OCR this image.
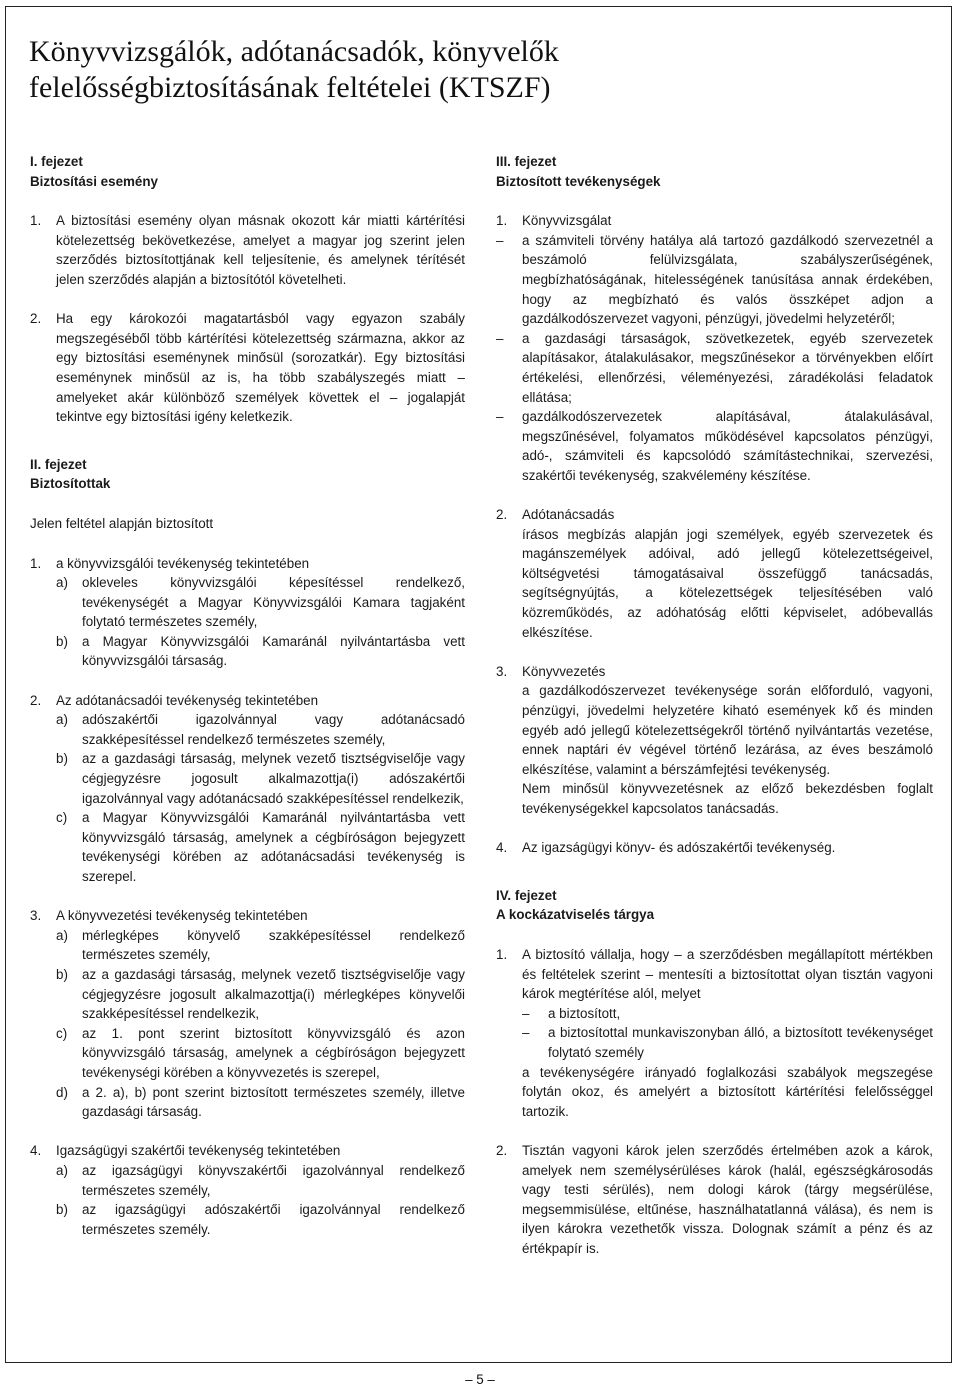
Könyvvizsgálók, adótanácsadók, könyvelők
felelősségbiztosításának feltételei (KTSZF)
I. fejezet
Biztosítási esemény
1.	A biztosítási esemény olyan másnak okozott kár miatti kártérítési kötelezettség bekövetkezése, amelyet a magyar jog szerint jelen szerződés biztosítottjának kell teljesítenie, és amelynek térítését jelen szerződés alapján a biztosítótól követelheti.
2.	Ha egy károkozói magatartásból vagy egyazon szabály megszegéséből több kártérítési kötelezettség származna, akkor az egy biztosítási eseménynek minősül (sorozatkár). Egy biztosítási eseménynek minősül az is, ha több szabályszegés miatt – amelyeket akár különböző személyek követtek el – jogalapját tekintve egy biztosítási igény keletkezik.
II. fejezet
Biztosítottak
Jelen feltétel alapján biztosított
1.	a könyvvizsgálói tevékenység tekintetében
a)	okleveles könyvvizsgálói képesítéssel rendelkező, tevékenységét a Magyar Könyvvizsgálói Kamara tagjaként folytató természetes személy,
b)	a Magyar Könyvvizsgálói Kamaránál nyilvántartásba vett könyvvizsgálói társaság.
2.	Az adótanácsadói tevékenység tekintetében
a)	adószakértői igazolvánnyal vagy adótanácsadó szakképesítéssel rendelkező természetes személy,
b)	az a gazdasági társaság, melynek vezető tisztségviselője vagy cégjegyzésre jogosult alkalmazottja(i) adószakértői igazolvánnyal vagy adótanácsadó szakképesítéssel rendelkezik,
c)	a Magyar Könyvvizsgálói Kamaránál nyilvántartásba vett könyvvizsgáló társaság, amelynek a cégbíróságon bejegyzett tevékenységi körében az adótanácsadási tevékenység is szerepel.
3.	A könyvvezetési tevékenység tekintetében
a)	mérlegképes könyvelő szakképesítéssel rendelkező természetes személy,
b)	az a gazdasági társaság, melynek vezető tisztségviselője vagy cégjegyzésre jogosult alkalmazottja(i) mérlegképes könyvelői szakképesítéssel rendelkezik,
c)	az 1. pont szerint biztosított könyvvizsgáló és azon könyvvizsgáló társaság, amelynek a cégbíróságon bejegyzett tevékenységi körében a könyvvezetés is szerepel,
d)	a 2. a), b) pont szerint biztosított természetes személy, illetve gazdasági társaság.
4.	Igazságügyi szakértői tevékenység tekintetében
a)	az igazságügyi könyvszakértői igazolvánnyal rendelkező természetes személy,
b)	az igazságügyi adószakértői igazolvánnyal rendelkező természetes személy.
III. fejezet
Biztosított tevékenységek
1.	Könyvvizsgálat
–	a számviteli törvény hatálya alá tartozó gazdálkodó szervezetnél a beszámoló felülvizsgálata, szabályszerűségének, megbízhatóságának, hitelességének tanúsítása annak érdekében, hogy az megbízható és valós összképet adjon a gazdálkodószervezet vagyoni, pénzügyi, jövedelmi helyzetéről;
–	a gazdasági társaságok, szövetkezetek, egyéb szervezetek alapításakor, átalakulásakor, megszűnésekor a törvényekben előírt értékelési, ellenőrzési, véleményezési, záradékolási feladatok ellátása;
–	gazdálkodószervezetek alapításával, átalakulásával, megszűnésével, folyamatos működésével kapcsolatos pénzügyi, adó-, számviteli és kapcsolódó számítástechnikai, szervezési, szakértői tevékenység, szakvélemény készítése.
2.	Adótanácsadás
írásos megbízás alapján jogi személyek, egyéb szervezetek és magánszemélyek adóival, adó jellegű kötelezettségeivel, költségvetési támogatásaival összefüggő tanácsadás, segítségnyújtás, a kötelezettségek teljesítésében való közreműködés, az adóhatóság előtti képviselet, adóbevallás elkészítése.
3.	Könyvvezetés
a gazdálkodószervezet tevékenysége során előforduló, vagyoni, pénzügyi, jövedelmi helyzetére kiható események kő és minden egyéb adó jellegű kötelezettségekről történő nyilvántartás vezetése, ennek naptári év végével történő lezárása, az éves beszámoló elkészítése, valamint a bérszámfejtési tevékenység.
Nem minősül könyvvezetésnek az előző bekezdésben foglalt tevékenységekkel kapcsolatos tanácsadás.
4.	Az igazságügyi könyv- és adószakértői tevékenység.
IV. fejezet
A kockázatviselés tárgya
1.	A biztosító vállalja, hogy – a szerződésben megállapított mértékben és feltételek szerint – mentesíti a biztosítottat olyan tisztán vagyoni károk megtérítése alól, melyet
–	a biztosított,
–	a biztosítottal munkaviszonyban álló, a biztosított tevékenységet folytató személy
a tevékenységére irányadó foglalkozási szabályok megszegése folytán okoz, és amelyért a biztosított kártérítési felelősséggel tartozik.
2.	Tisztán vagyoni károk jelen szerződés értelmében azok a károk, amelyek nem személysérüléses károk (halál, egészségkárosodás vagy testi sérülés), nem dologi károk (tárgy megsérülése, megsemmisülése, eltűnése, használhatatlanná válása), és nem is ilyen károkra vezethetők vissza. Dolognak számít a pénz és az értékpapír is.
– 5 –
